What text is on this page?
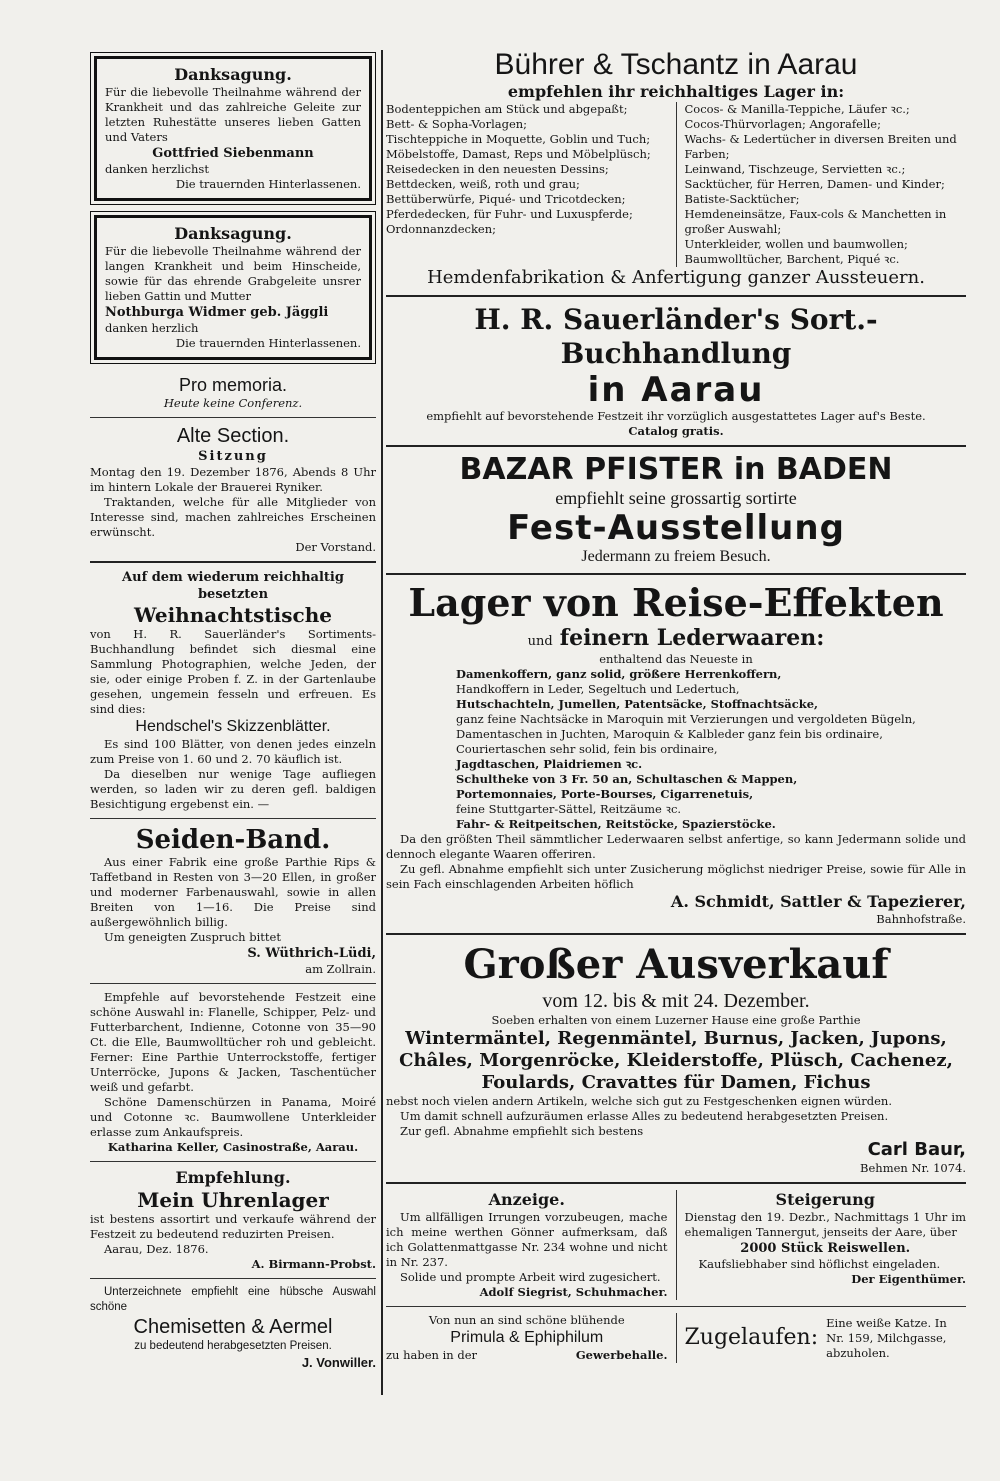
Danksagung.

Für die liebevolle Theilnahme während der Krankheit und das zahlreiche Geleite zur letzten Ruhestätte unseres lieben Gatten und Vaters

Gottfried Siebenmann
danken herzlichst
Die trauernden Hinterlassenen.
Danksagung.

Für die liebevolle Theilnahme während der langen Krankheit und beim Hinscheide, sowie für das ehrende Grabgeleite unsrer lieben Gattin und Mutter

Nothburga Widmer geb. Jäggli
danken herzlich
Die trauernden Hinterlassenen.
Pro memoria.
Heute keine Conferenz.
Alte Section.
Sitzung

Montag den 19. Dezember 1876, Abends 8 Uhr im hintern Lokale der Brauerei Ryniker.

Traktanden, welche für alle Mitglieder von Interesse sind, machen zahlreiches Erscheinen erwünscht.

Der Vorstand.
Auf dem wiederum reichhaltig besetzten
Weihnachtstische

von H. R. Sauerländer's Sortiments-Buchhandlung befindet sich diesmal eine Sammlung Photographien, welche Jeden, der sie, oder einige Proben f. Z. in der Gartenlaube gesehen, ungemein fesseln und erfreuen. Es sind dies:

Hendschel's Skizzenblätter.

Es sind 100 Blätter, von denen jedes einzeln zum Preise von 1. 60 und 2. 70 käuflich ist.

Da dieselben nur wenige Tage aufliegen werden, so laden wir zu deren gefl. baldigen Besichtigung ergebenst ein. —

Seiden-Band.

Aus einer Fabrik eine große Parthie Rips & Taffetband in Resten von 3—20 Ellen, in großer und moderner Farbenauswahl, sowie in allen Breiten von 1—16. Die Preise sind außergewöhnlich billig.

Um geneigten Zuspruch bittet
S. Wüthrich-Lüdi,
am Zollrain.

Empfehle auf bevorstehende Festzeit eine schöne Auswahl in: Flanelle, Schipper, Pelz- und Futterbarchent, Indienne, Cotonne von 35—90 Ct. die Elle, Baumwolltücher roh und gebleicht. Ferner: Eine Parthie Unterrockstoffe, fertiger Unterröcke, Jupons & Jacken, Taschentücher weiß und gefarbt.

Schöne Damenschürzen in Panama, Moiré und Cotonne ꝛc. Baumwollene Unterkleider erlasse zum Ankaufspreis.

Katharina Keller, Casinostraße, Aarau.
Empfehlung.
Mein Uhrenlager

ist bestens assortirt und verkaufe während der Festzeit zu bedeutend reduzirten Preisen.

Aarau, Dez. 1876.
A. Birmann-Probst.

Unterzeichnete empfiehlt eine hübsche Auswahl schöne

Chemisetten & Aermel
zu bedeutend herabgesetzten Preisen.
J. Vonwiller.
Bührer & Tschantz in Aarau
empfehlen ihr reichhaltiges Lager in:
Bodenteppichen am Stück und abgepaßt;
Bett- & Sopha-Vorlagen;
Tischteppiche in Moquette, Goblin und Tuch;
Möbelstoffe, Damast, Reps und Möbelplüsch;
Reisedecken in den neuesten Dessins;
Bettdecken, weiß, roth und grau;
Bettüberwürfe, Piqué- und Tricotdecken;
Pferdedecken, für Fuhr- und Luxuspferde;
Ordonnanzdecken;
Cocos- & Manilla-Teppiche, Läufer ꝛc.;
Cocos-Thürvorlagen; Angorafelle;
Wachs- & Ledertücher in diversen Breiten und Farben;
Leinwand, Tischzeuge, Servietten ꝛc.;
Sacktücher, für Herren, Damen- und Kinder;
Batiste-Sacktücher;
Hemdeneinsätze, Faux-cols & Manchetten in großer Auswahl;
Unterkleider, wollen und baumwollen;
Baumwolltücher, Barchent, Piqué ꝛc.
Hemdenfabrikation & Anfertigung ganzer Aussteuern.
H. R. Sauerländer's Sort.-Buchhandlung
in Aarau
empfiehlt auf bevorstehende Festzeit ihr vorzüglich ausgestattetes Lager auf's Beste.
Catalog gratis.
BAZAR PFISTER in BADEN
empfiehlt seine grossartig sortirte
Fest-Ausstellung
Jedermann zu freiem Besuch.
Lager von Reise-Effekten
und feinern Lederwaaren:
enthaltend das Neueste in
Damenkoffern, ganz solid, größere Herrenkoffern,
Handkoffern in Leder, Segeltuch und Ledertuch,
Hutschachteln, Jumellen, Patentsäcke, Stoffnachtsäcke,
ganz feine Nachtsäcke in Maroquin mit Verzierungen und vergoldeten Bügeln,
Damentaschen in Juchten, Maroquin & Kalbleder ganz fein bis ordinaire,
Couriertaschen sehr solid, fein bis ordinaire,
Jagdtaschen, Plaidriemen ꝛc.
Schultheke von 3 Fr. 50 an, Schultaschen & Mappen,
Portemonnaies, Porte-Bourses, Cigarrenetuis,
feine Stuttgarter-Sättel, Reitzäume ꝛc.
Fahr- & Reitpeitschen, Reitstöcke, Spazierstöcke.

Da den größten Theil sämmtlicher Lederwaaren selbst anfertige, so kann Jedermann solide und dennoch elegante Waaren offeriren.

Zu gefl. Abnahme empfiehlt sich unter Zusicherung möglichst niedriger Preise, sowie für Alle in sein Fach einschlagenden Arbeiten höflich

A. Schmidt, Sattler & Tapezierer,
Bahnhofstraße.
Großer Ausverkauf
vom 12. bis & mit 24. Dezember.
Soeben erhalten von einem Luzerner Hause eine große Parthie
Wintermäntel, Regenmäntel, Burnus, Jacken, Jupons,
Châles, Morgenröcke, Kleiderstoffe, Plüsch, Cachenez,
Foulards, Cravattes für Damen, Fichus

nebst noch vielen andern Artikeln, welche sich gut zu Festgeschenken eignen würden.

Um damit schnell aufzuräumen erlasse Alles zu bedeutend herabgesetzten Preisen.

Zur gefl. Abnahme empfiehlt sich bestens

Carl Baur,
Behmen Nr. 1074.
Anzeige.

Um allfälligen Irrungen vorzubeugen, mache ich meine werthen Gönner aufmerksam, daß ich Golattenmattgasse Nr. 234 wohne und nicht in Nr. 237.

Solide und prompte Arbeit wird zugesichert.

Adolf Siegrist, Schuhmacher.
Steigerung

Dienstag den 19. Dezbr., Nachmittags 1 Uhr im ehemaligen Tannergut, jenseits der Aare, über

2000 Stück Reiswellen.

Kaufsliebhaber sind höflichst eingeladen.

Der Eigenthümer.
Von nun an sind schöne blühende
Primula & Ephiphilum
zu haben in der	Gewerbehalle.
Zugelaufen:

Eine weiße Katze. In Nr. 159, Milchgasse, abzuholen.
